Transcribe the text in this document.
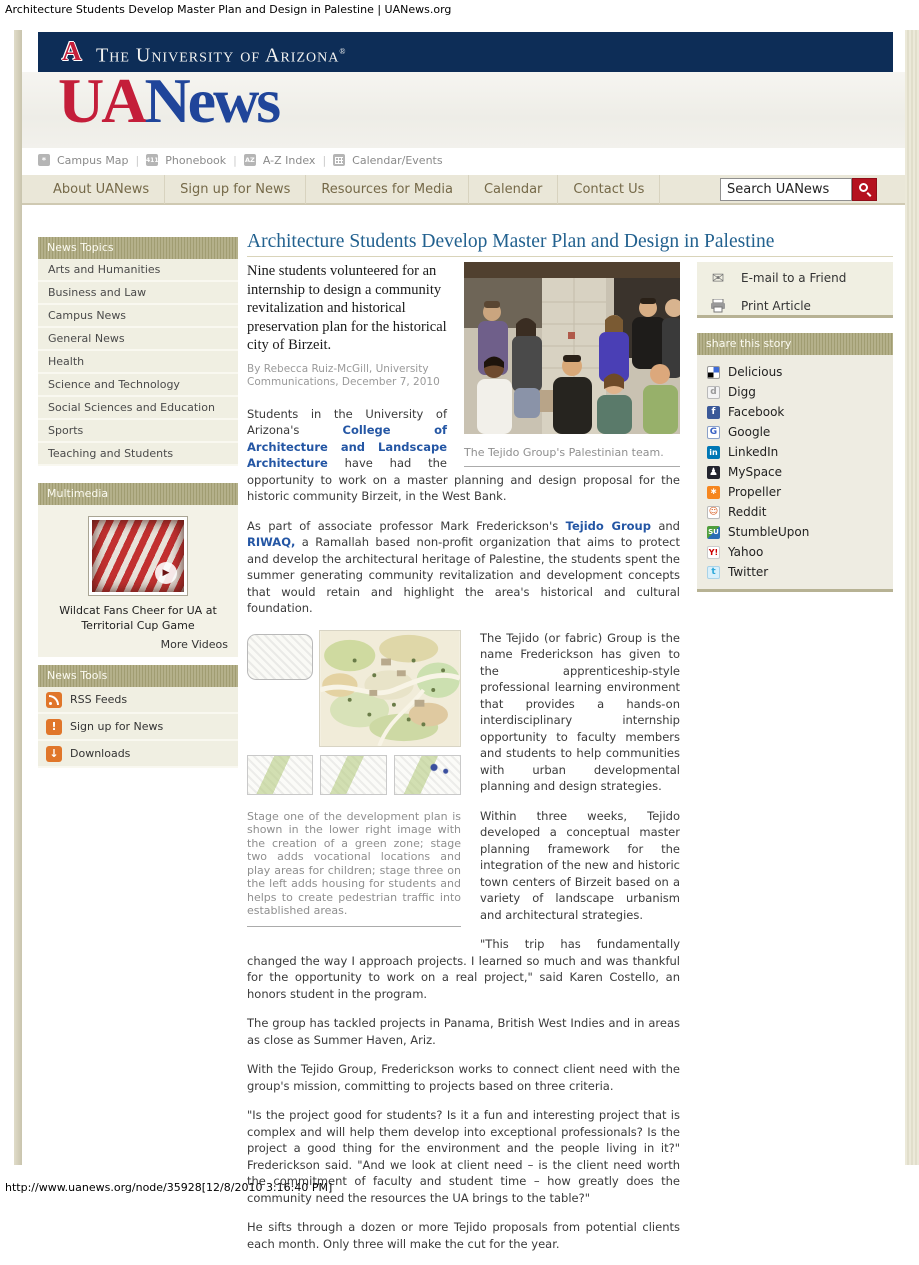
Architecture Students Develop Master Plan and Design in Palestine | UANews.org
http://www.uanews.org/node/35928[12/8/2010 3:16:40 PM]
A The University of Arizona®
UANews
* Campus Map | 411 Phonebook | AZ A-Z Index | Calendar/Events
About UANews	Sign up for News	Resources for Media	Calendar	Contact Us
Search UANews
News Topics
Arts and Humanities
Business and Law
Campus News
General News
Health
Science and Technology
Social Sciences and Education
Sports
Teaching and Students
Multimedia
▶
Wildcat Fans Cheer for UA at Territorial Cup Game
More Videos
News Tools
RSS Feeds
!	Sign up for News
↓	Downloads
Architecture Students Develop Master Plan and Design in Palestine
The Tejido Group's Palestinian team.
Nine students volunteered for an internship to design a community revitalization and historical preservation plan for the historical city of Birzeit.
By Rebecca Ruiz-McGill, University Communications, December 7, 2010

Students in the University of Arizona's College of Architecture and Landscape Architecture have had the opportunity to work on a master planning and design proposal for the historic community Birzeit, in the West Bank.

As part of associate professor Mark Frederickson's Tejido Group and RIWAQ, a Ramallah based non-profit organization that aims to protect and develop the architectural heritage of Palestine, the students spent the summer generating community revitalization and development concepts that would retain and highlight the area's historical and cultural foundation.

Stage one of the development plan is shown in the lower right image with the creation of a green zone; stage two adds vocational locations and play areas for children; stage three on the left adds housing for students and helps to create pedestrian traffic into established areas.

The Tejido (or fabric) Group is the name Frederickson has given to the apprenticeship-style professional learning environment that provides a hands-on interdisciplinary internship opportunity to faculty members and students to help communities with urban developmental planning and design strategies.

Within three weeks, Tejido developed a conceptual master planning framework for the integration of the new and historic town centers of Birzeit based on a variety of landscape urbanism and architectural strategies.

"This trip has fundamentally changed the way I approach projects. I learned so much and was thankful for the opportunity to work on a real project," said Karen Costello, an honors student in the program.

The group has tackled projects in Panama, British West Indies and in areas as close as Summer Haven, Ariz.

With the Tejido Group, Frederickson works to connect client need with the group's mission, committing to projects based on three criteria.

"Is the project good for students? Is it a fun and interesting project that is complex and will help them develop into exceptional professionals? Is the project a good thing for the environment and the people living in it?" Frederickson said. "And we look at client need – is the client need worth the commitment of faculty and student time – how greatly does the community need the resources the UA brings to the table?"

He sifts through a dozen or more Tejido proposals from potential clients each month. Only three will make the cut for the year.

✉ E-mail to a Friend
Print Article
share this story
Delicious
d Digg
f	Facebook
G Google
in LinkedIn
♟ MySpace
∗ Propeller
☺ Reddit
SU StumbleUpon
Y! Yahoo
t	Twitter
